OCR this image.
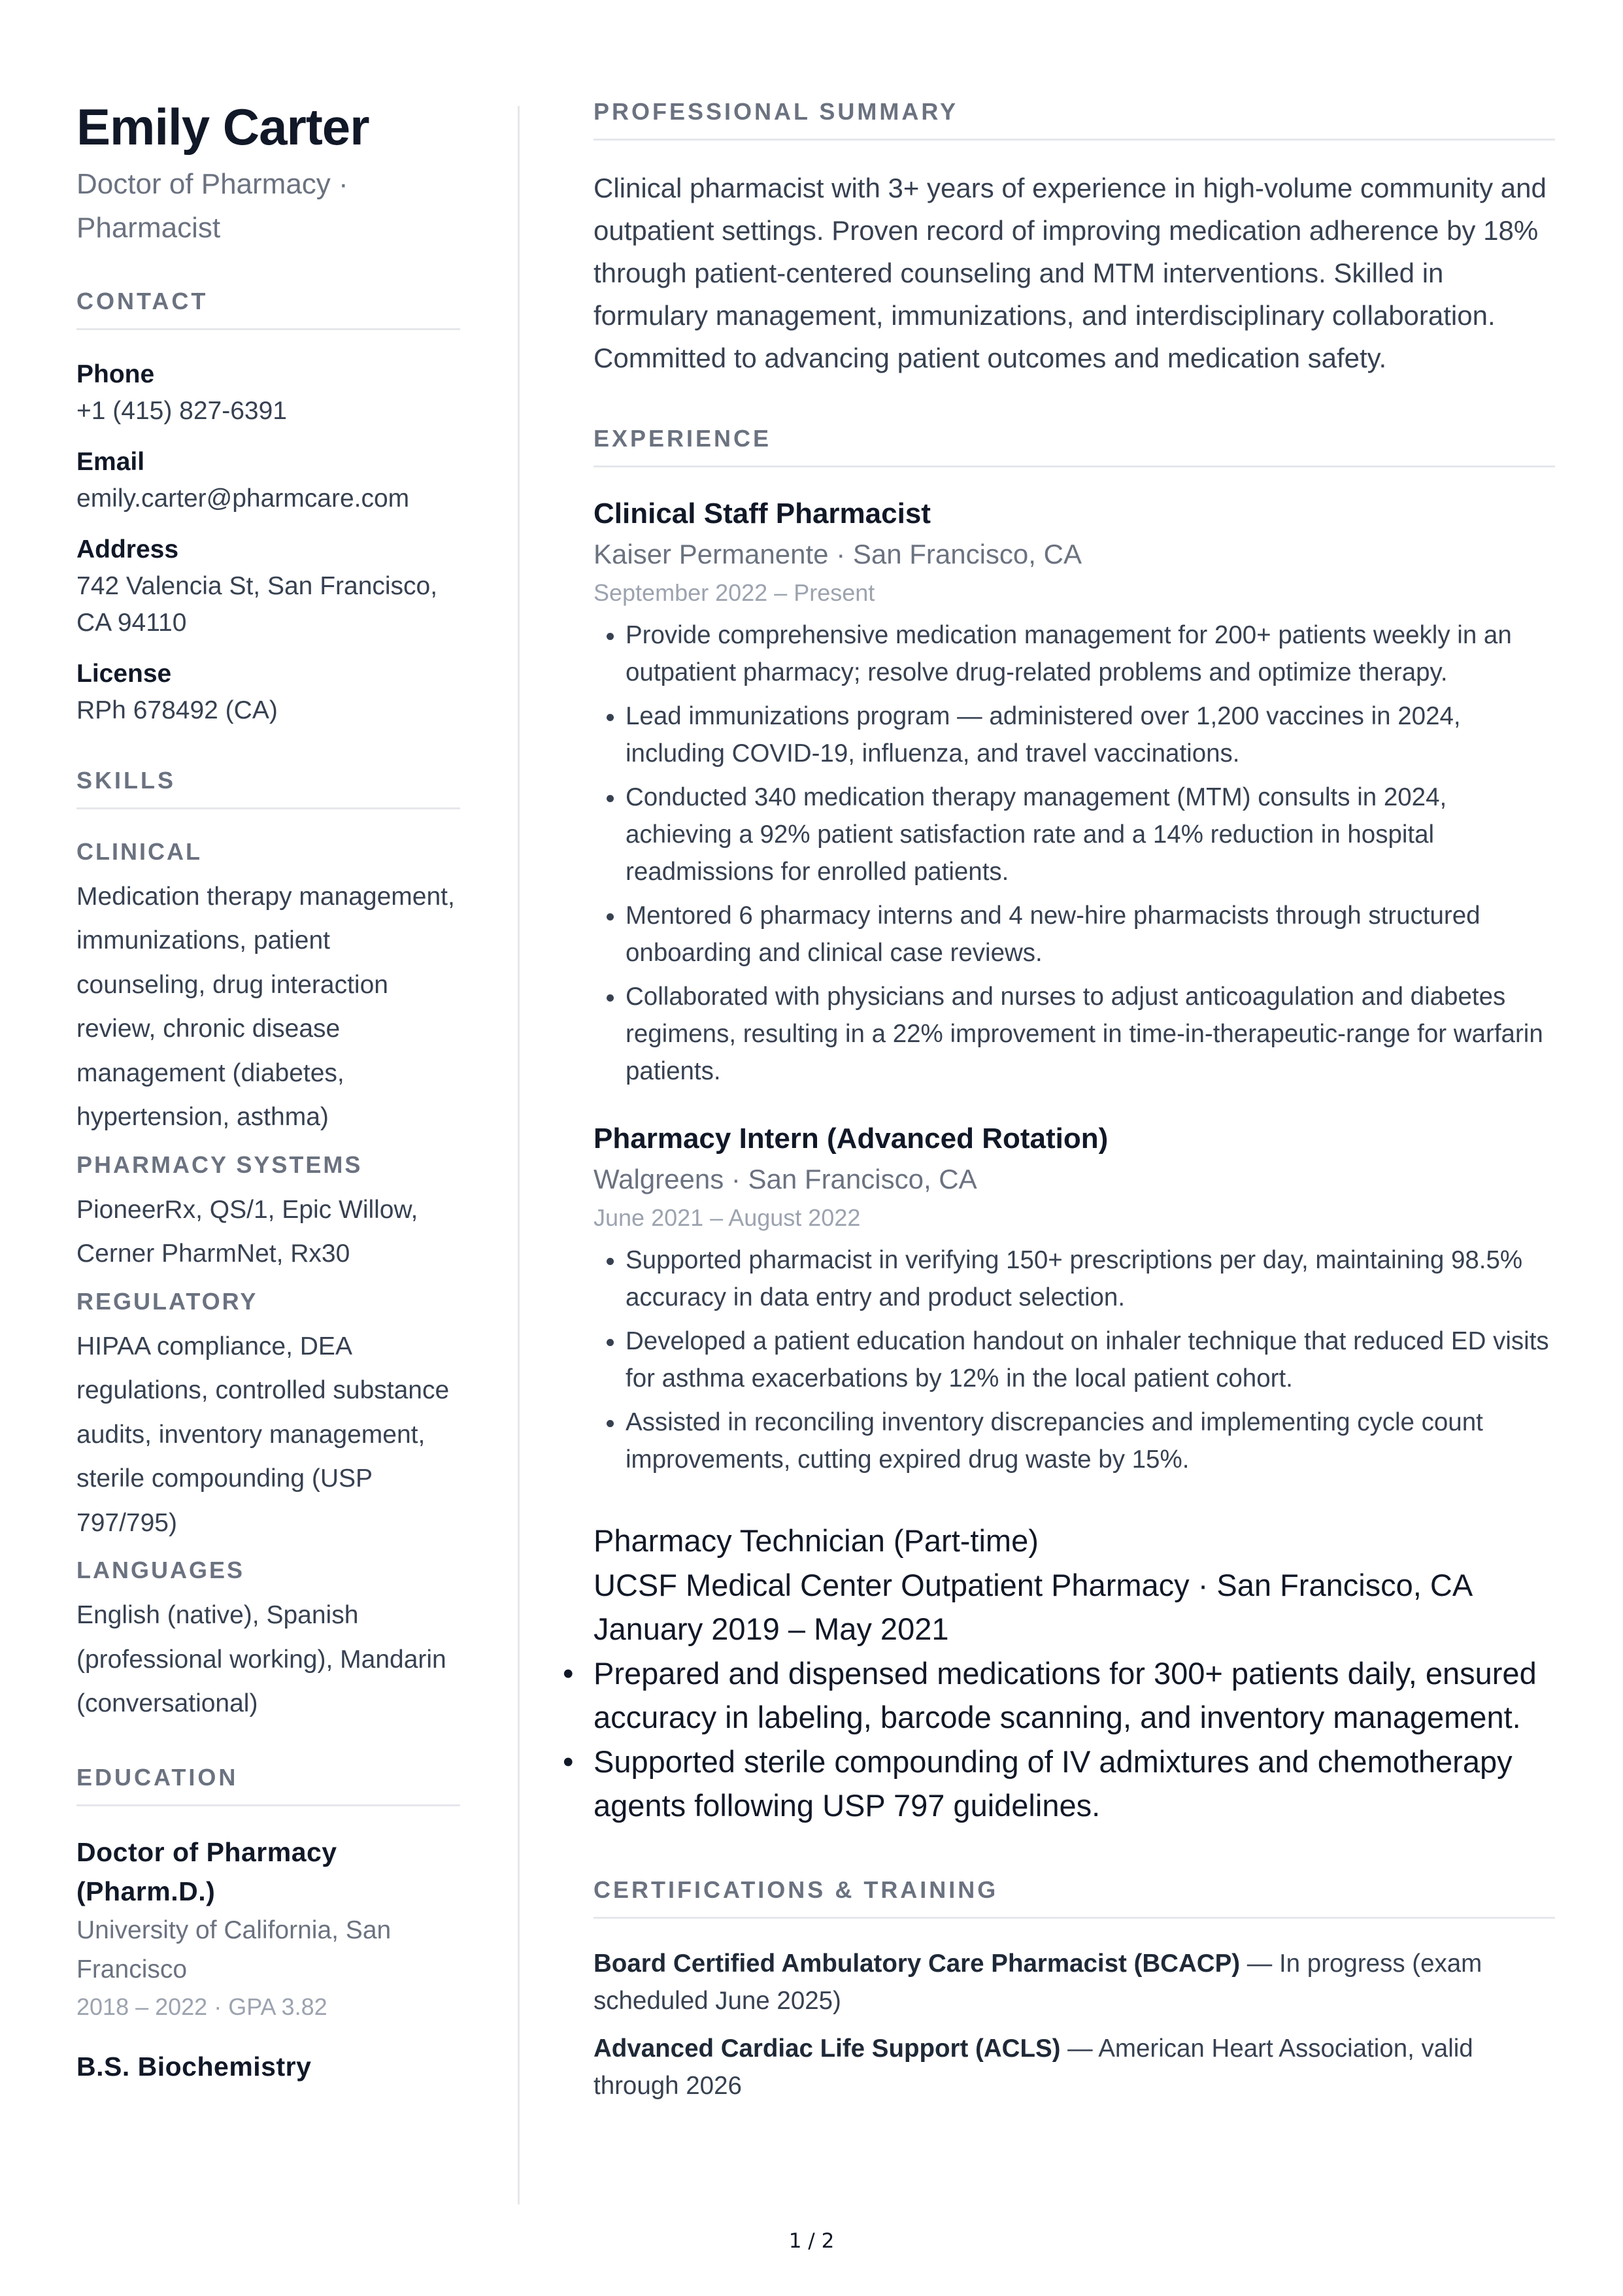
Emily Carter
Doctor of Pharmacy ·
Pharmacist
CONTACT
Phone
+1 (415) 827-6391
Email
emily.carter@pharmcare.com
Address
742 Valencia St, San Francisco,
CA 94110
License
RPh 678492 (CA)
SKILLS
CLINICAL
Medication therapy management, immunizations, patient counseling, drug interaction review, chronic disease management (diabetes, hypertension, asthma)
PHARMACY SYSTEMS
PioneerRx, QS/1, Epic Willow, Cerner PharmNet, Rx30
REGULATORY
HIPAA compliance, DEA regulations, controlled substance audits, inventory management, sterile compounding (USP 797/795)
LANGUAGES
English (native), Spanish (professional working), Mandarin (conversational)
EDUCATION
Doctor of Pharmacy (Pharm.D.)
University of California, San Francisco
2018 – 2022 · GPA 3.82
B.S. Biochemistry
PROFESSIONAL SUMMARY
Clinical pharmacist with 3+ years of experience in high-volume community and outpatient settings. Proven record of improving medication adherence by 18% through patient-centered counseling and MTM interventions. Skilled in formulary management, immunizations, and interdisciplinary collaboration. Committed to advancing patient outcomes and medication safety.
EXPERIENCE
Clinical Staff Pharmacist
Kaiser Permanente · San Francisco, CA
September 2022 – Present
• Provide comprehensive medication management for 200+ patients weekly in an outpatient pharmacy; resolve drug-related problems and optimize therapy.
• Lead immunizations program — administered over 1,200 vaccines in 2024, including COVID-19, influenza, and travel vaccinations.
• Conducted 340 medication therapy management (MTM) consults in 2024, achieving a 92% patient satisfaction rate and a 14% reduction in hospital readmissions for enrolled patients.
• Mentored 6 pharmacy interns and 4 new-hire pharmacists through structured onboarding and clinical case reviews.
• Collaborated with physicians and nurses to adjust anticoagulation and diabetes regimens, resulting in a 22% improvement in time-in-therapeutic-range for warfarin patients.
Pharmacy Intern (Advanced Rotation)
Walgreens · San Francisco, CA
June 2021 – August 2022
• Supported pharmacist in verifying 150+ prescriptions per day, maintaining 98.5% accuracy in data entry and product selection.
• Developed a patient education handout on inhaler technique that reduced ED visits for asthma exacerbations by 12% in the local patient cohort.
• Assisted in reconciling inventory discrepancies and implementing cycle count improvements, cutting expired drug waste by 15%.
Pharmacy Technician (Part-time)
UCSF Medical Center Outpatient Pharmacy · San Francisco, CA
January 2019 – May 2021
• Prepared and dispensed medications for 300+ patients daily, ensured accuracy in labeling, barcode scanning, and inventory management.
• Supported sterile compounding of IV admixtures and chemotherapy agents following USP 797 guidelines.
CERTIFICATIONS & TRAINING
Board Certified Ambulatory Care Pharmacist (BCACP) — In progress (exam scheduled June 2025)
Advanced Cardiac Life Support (ACLS) — American Heart Association, valid through 2026
1 / 2
